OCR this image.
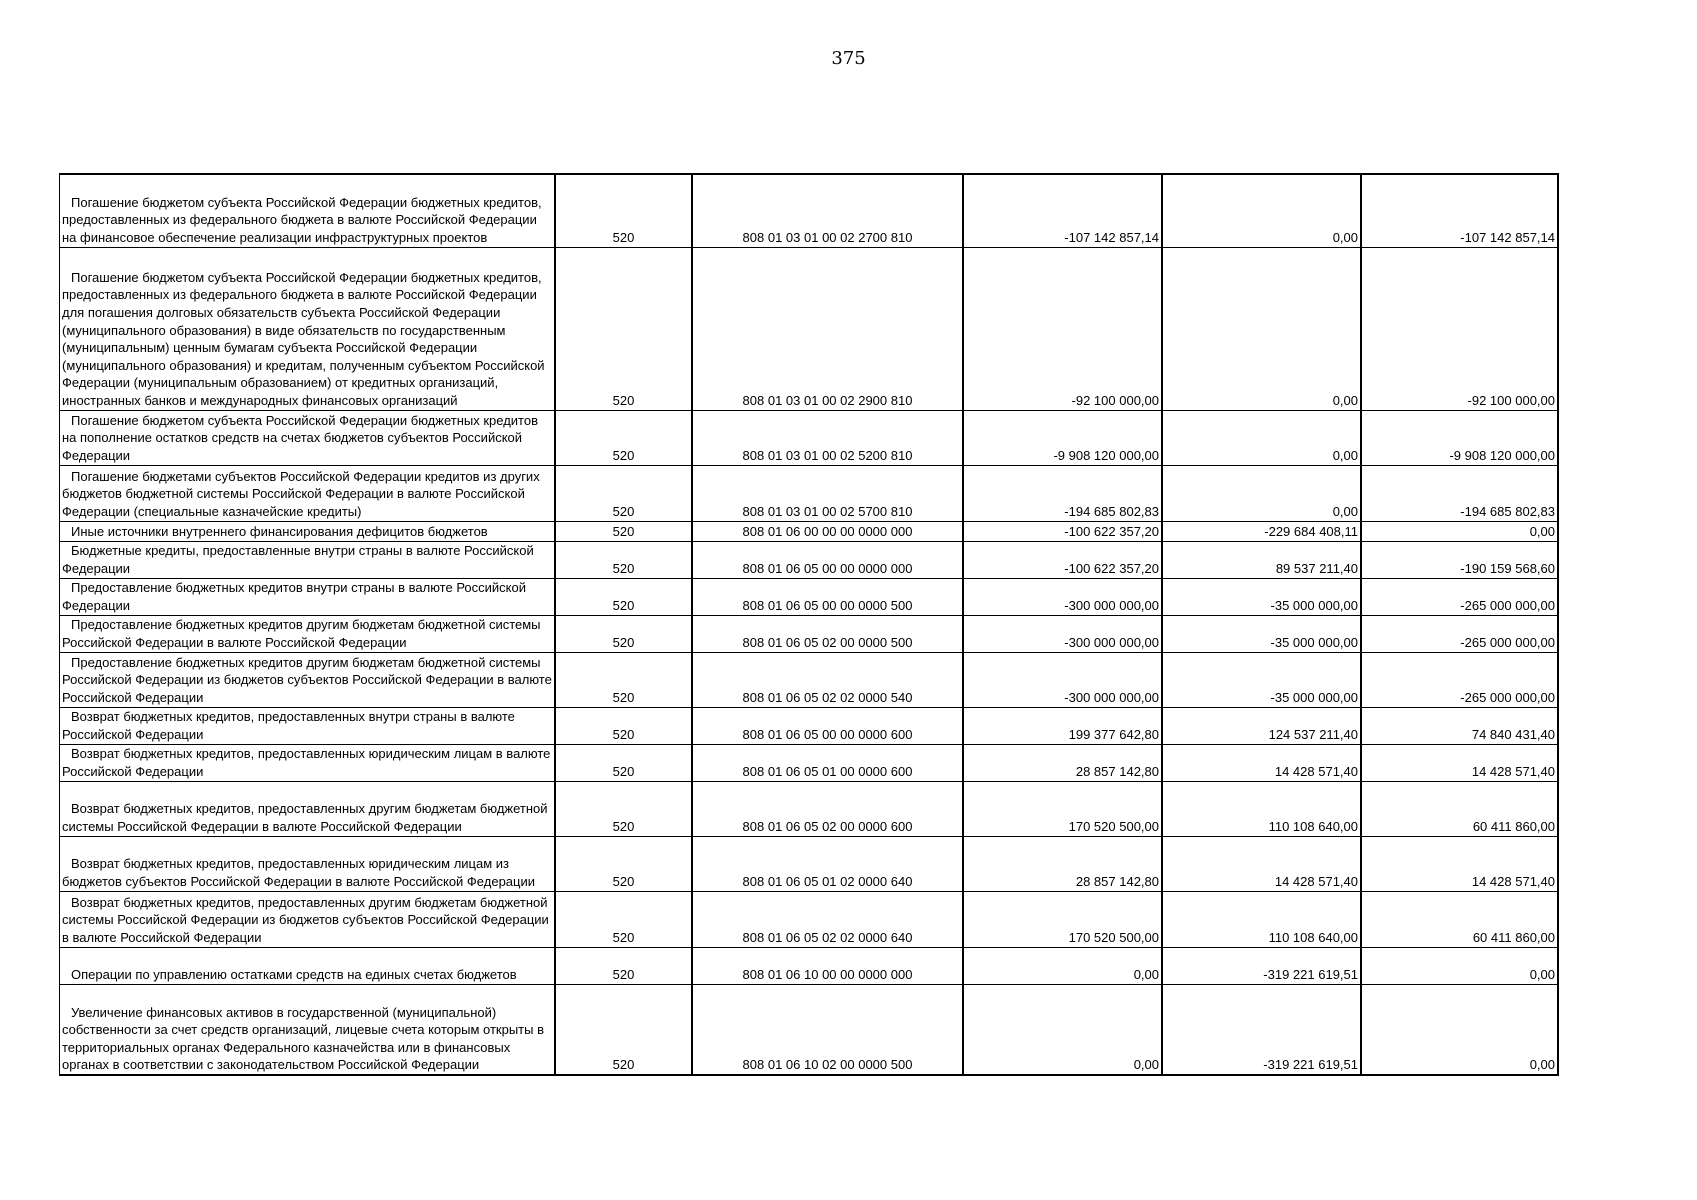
375
Погашение бюджетом субъекта Российской Федерации бюджетных кредитов, предоставленных из федерального бюджета в валюте Российской Федерации на финансовое обеспечение реализации инфраструктурных проектов	520	808 01 03 01 00 02 2700 810	-107 142 857,14	0,00	-107 142 857,14
Погашение бюджетом субъекта Российской Федерации бюджетных кредитов, предоставленных из федерального бюджета в валюте Российской Федерации для погашения долговых обязательств субъекта Российской Федерации (муниципального образования) в виде обязательств по государственным (муниципальным) ценным бумагам субъекта Российской Федерации (муниципального образования) и кредитам, полученным субъектом Российской Федерации (муниципальным образованием) от кредитных организаций, иностранных банков и международных финансовых организаций	520	808 01 03 01 00 02 2900 810	-92 100 000,00	0,00	-92 100 000,00
Погашение бюджетом субъекта Российской Федерации бюджетных кредитов на пополнение остатков средств на счетах бюджетов субъектов Российской Федерации	520	808 01 03 01 00 02 5200 810	-9 908 120 000,00	0,00	-9 908 120 000,00
Погашение бюджетами субъектов Российской Федерации кредитов из других бюджетов бюджетной системы Российской Федерации в валюте Российской Федерации (специальные казначейские кредиты)	520	808 01 03 01 00 02 5700 810	-194 685 802,83	0,00	-194 685 802,83
Иные источники внутреннего финансирования дефицитов бюджетов	520	808 01 06 00 00 00 0000 000	-100 622 357,20	-229 684 408,11	0,00
Бюджетные кредиты, предоставленные внутри страны в валюте Российской Федерации	520	808 01 06 05 00 00 0000 000	-100 622 357,20	89 537 211,40	-190 159 568,60
Предоставление бюджетных кредитов внутри страны в валюте Российской Федерации	520	808 01 06 05 00 00 0000 500	-300 000 000,00	-35 000 000,00	-265 000 000,00
Предоставление бюджетных кредитов другим бюджетам бюджетной системы Российской Федерации в валюте Российской Федерации	520	808 01 06 05 02 00 0000 500	-300 000 000,00	-35 000 000,00	-265 000 000,00
Предоставление бюджетных кредитов другим бюджетам бюджетной системы Российской Федерации из бюджетов субъектов Российской Федерации в валюте Российской Федерации	520	808 01 06 05 02 02 0000 540	-300 000 000,00	-35 000 000,00	-265 000 000,00
Возврат бюджетных кредитов, предоставленных внутри страны в валюте Российской Федерации	520	808 01 06 05 00 00 0000 600	199 377 642,80	124 537 211,40	74 840 431,40
Возврат бюджетных кредитов, предоставленных юридическим лицам в валюте Российской Федерации	520	808 01 06 05 01 00 0000 600	28 857 142,80	14 428 571,40	14 428 571,40
Возврат бюджетных кредитов, предоставленных другим бюджетам бюджетной системы Российской Федерации в валюте Российской Федерации	520	808 01 06 05 02 00 0000 600	170 520 500,00	110 108 640,00	60 411 860,00
Возврат бюджетных кредитов, предоставленных юридическим лицам из бюджетов субъектов Российской Федерации в валюте Российской Федерации	520	808 01 06 05 01 02 0000 640	28 857 142,80	14 428 571,40	14 428 571,40
Возврат бюджетных кредитов, предоставленных другим бюджетам бюджетной системы Российской Федерации из бюджетов субъектов Российской Федерации в валюте Российской Федерации	520	808 01 06 05 02 02 0000 640	170 520 500,00	110 108 640,00	60 411 860,00
Операции по управлению остатками средств на единых счетах бюджетов	520	808 01 06 10 00 00 0000 000	0,00	-319 221 619,51	0,00
Увеличение финансовых активов в государственной (муниципальной) собственности за счет средств организаций, лицевые счета которым открыты в территориальных органах Федерального казначейства или в финансовых органах в соответствии с законодательством Российской Федерации	520	808 01 06 10 02 00 0000 500	0,00	-319 221 619,51	0,00
